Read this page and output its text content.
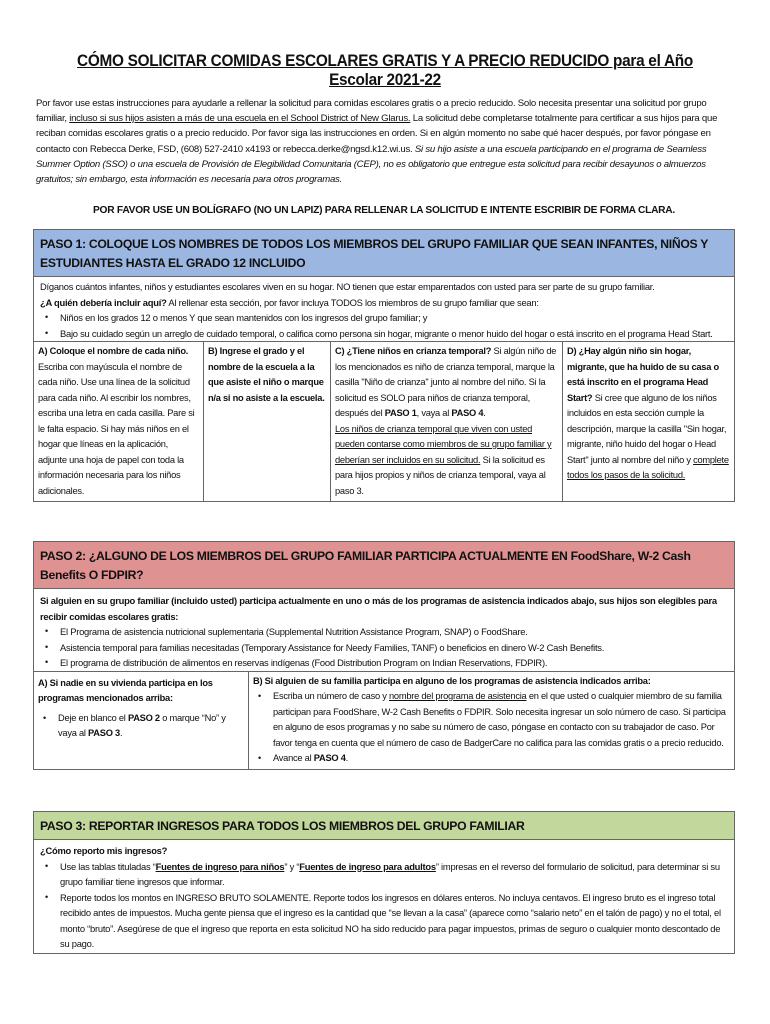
CÓMO SOLICITAR COMIDAS ESCOLARES GRATIS Y A PRECIO REDUCIDO para el Año Escolar 2021-22
Por favor use estas instrucciones para ayudarle a rellenar la solicitud para comidas escolares gratis o a precio reducido. Solo necesita presentar una solicitud por grupo familiar, incluso si sus hijos asisten a más de una escuela en el School District of New Glarus. La solicitud debe completarse totalmente para certificar a sus hijos para que reciban comidas escolares gratis o a precio reducido. Por favor siga las instrucciones en orden. Si en algún momento no sabe qué hacer después, por favor póngase en contacto con Rebecca Derke, FSD, (608) 527-2410 x4193 or rebecca.derke@ngsd.k12.wi.us. Si su hijo asiste a una escuela participando en el programa de Seamless Summer Option (SSO) o una escuela de Provisión de Elegibilidad Comunitaria (CEP), no es obligatorio que entregue esta solicitud para recibir desayunos o almuerzos gratuitos; sin embargo, esta información es necesaria para otros programas.
POR FAVOR USE UN BOLÍGRAFO (NO UN LAPIZ) PARA RELLENAR LA SOLICITUD E INTENTE ESCRIBIR DE FORMA CLARA.
PASO 1: COLOQUE LOS NOMBRES DE TODOS LOS MIEMBROS DEL GRUPO FAMILIAR QUE SEAN INFANTES, NIÑOS Y ESTUDIANTES HASTA EL GRADO 12 INCLUIDO
Díganos cuántos infantes, niños y estudiantes escolares viven en su hogar. NO tienen que estar emparentados con usted para ser parte de su grupo familiar.
¿A quién debería incluir aquí? Al rellenar esta sección, por favor incluya TODOS los miembros de su grupo familiar que sean:
• Niños en los grados 12 o menos Y que sean mantenidos con los ingresos del grupo familiar; y
• Bajo su cuidado según un arreglo de cuidado temporal, o califica como persona sin hogar, migrante o menor huido del hogar o está inscrito en el programa Head Start.
A) Coloque el nombre de cada niño. Escriba con mayúscula el nombre de cada niño. Use una línea de la solicitud para cada niño. Al escribir los nombres, escriba una letra en cada casilla. Pare si le falta espacio. Si hay más niños en el hogar que líneas en la aplicación, adjunte una hoja de papel con toda la información necesaria para los niños adicionales.
B) Ingrese el grado y el nombre de la escuela a la que asiste el niño o marque n/a si no asiste a la escuela.
C) ¿Tiene niños en crianza temporal? Si algún niño de los mencionados es niño de crianza temporal, marque la casilla "Niño de crianza" junto al nombre del niño. Si la solicitud es SOLO para niños de crianza temporal, después del PASO 1, vaya al PASO 4.
Los niños de crianza temporal que viven con usted pueden contarse como miembros de su grupo familiar y deberían ser incluidos en su solicitud. Si la solicitud es para hijos propios y niños de crianza temporal, vaya al paso 3.
D) ¿Hay algún niño sin hogar, migrante, que ha huido de su casa o está inscrito en el programa Head Start? Si cree que alguno de los niños incluidos en esta sección cumple la descripción, marque la casilla "Sin hogar, migrante, niño huido del hogar o Head Start" junto al nombre del niño y complete todos los pasos de la solicitud.
PASO 2: ¿ALGUNO DE LOS MIEMBROS DEL GRUPO FAMILIAR PARTICIPA ACTUALMENTE EN FoodShare, W-2 Cash Benefits O FDPIR?
Si alguien en su grupo familiar (incluido usted) participa actualmente en uno o más de los programas de asistencia indicados abajo, sus hijos son elegibles para recibir comidas escolares gratis:
• El Programa de asistencia nutricional suplementaria (Supplemental Nutrition Assistance Program, SNAP) o FoodShare.
• Asistencia temporal para familias necesitadas (Temporary Assistance for Needy Families, TANF) o beneficios en dinero W-2 Cash Benefits.
• El programa de distribución de alimentos en reservas indígenas (Food Distribution Program on Indian Reservations, FDPIR).
A) Si nadie en su vivienda participa en los programas mencionados arriba:
• Deje en blanco el PASO 2 o marque “No” y vaya al PASO 3.
B) Si alguien de su familia participa en alguno de los programas de asistencia indicados arriba:
• Escriba un número de caso y nombre del programa de asistencia en el que usted o cualquier miembro de su familia participan para FoodShare, W-2 Cash Benefits o FDPIR. Solo necesita ingresar un solo número de caso. Si participa en alguno de esos programas y no sabe su número de caso, póngase en contacto con su trabajador de caso. Por favor tenga en cuenta que el número de caso de BadgerCare no califica para las comidas gratis o a precio reducido.
• Avance al PASO 4.
PASO 3: REPORTAR INGRESOS PARA TODOS LOS MIEMBROS DEL GRUPO FAMILIAR
¿Cómo reporto mis ingresos?
• Use las tablas tituladas “Fuentes de ingreso para niños” y “Fuentes de ingreso para adultos” impresas en el reverso del formulario de solicitud, para determinar si su grupo familiar tiene ingresos que informar.
• Reporte todos los montos en INGRESO BRUTO SOLAMENTE. Reporte todos los ingresos en dólares enteros. No incluya centavos. El ingreso bruto es el ingreso total recibido antes de impuestos. Mucha gente piensa que el ingreso es la cantidad que “se llevan a la casa” (aparece como “salario neto” en el talón de pago) y no el total, el monto “bruto”. Asegúrese de que el ingreso que reporta en esta solicitud NO ha sido reducido para pagar impuestos, primas de seguro o cualquier monto descontado de su pago.
